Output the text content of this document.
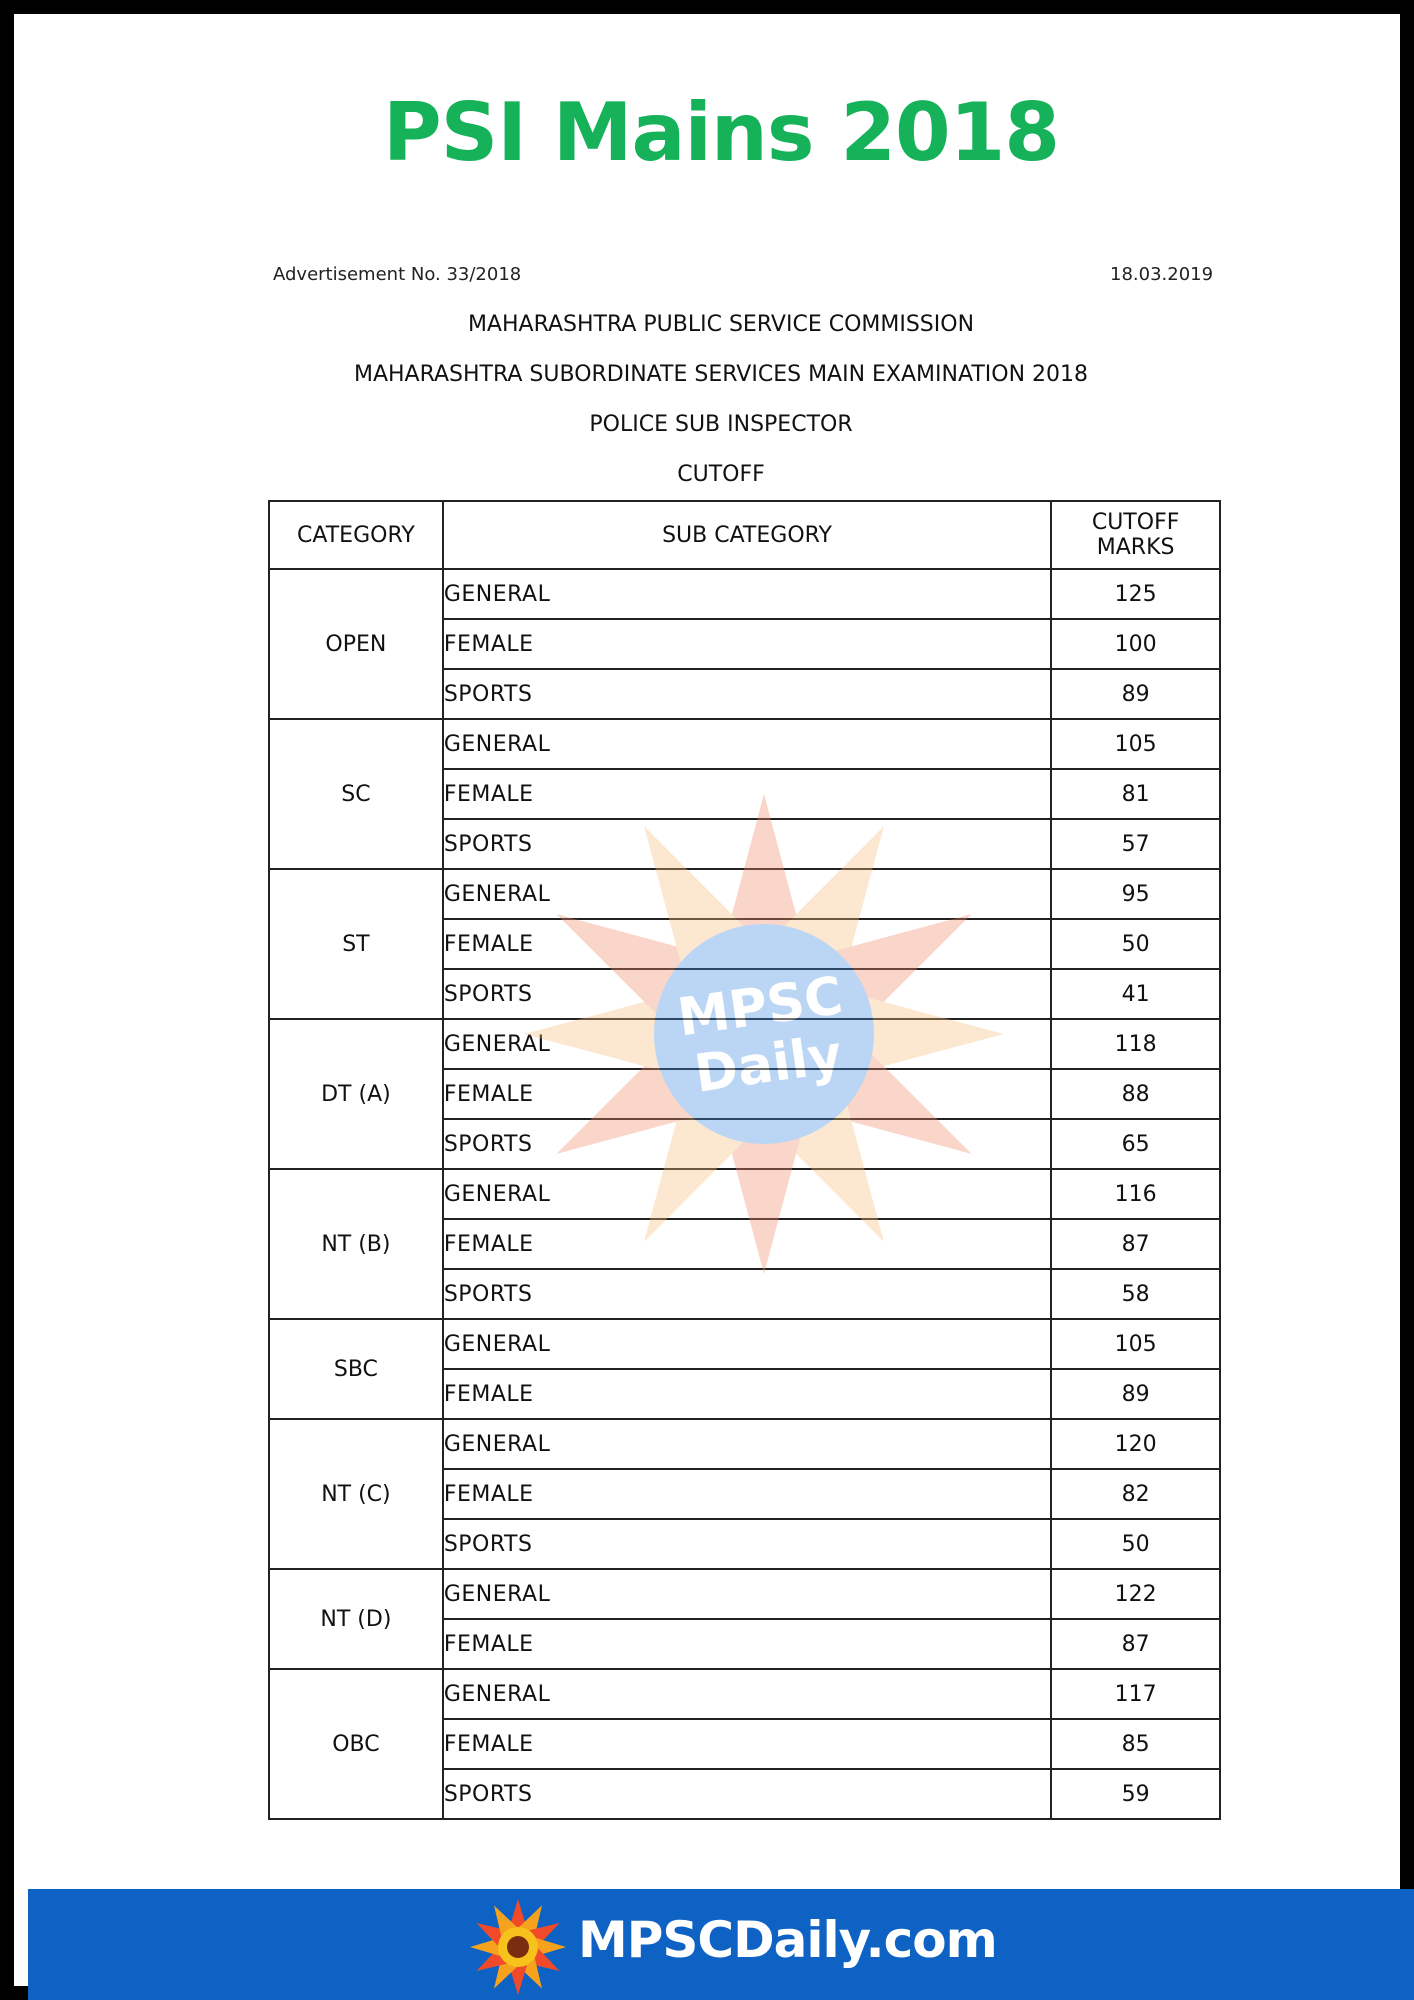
PSI Mains 2018
Advertisement No. 33/2018	18.03.2019
MAHARASHTRA PUBLIC SERVICE COMMISSION
MAHARASHTRA SUBORDINATE SERVICES MAIN EXAMINATION 2018
POLICE SUB INSPECTOR
CUTOFF
CATEGORY	SUB CATEGORY	CUTOFF MARKS
OPEN	GENERAL	125
	FEMALE	100
	SPORTS	89
SC	GENERAL	105
	FEMALE	81
	SPORTS	57
ST	GENERAL	95
	FEMALE	50
	SPORTS	41
DT (A)	GENERAL	118
	FEMALE	88
	SPORTS	65
NT (B)	GENERAL	116
	FEMALE	87
	SPORTS	58
SBC	GENERAL	105
	FEMALE	89
NT (C)	GENERAL	120
	FEMALE	82
	SPORTS	50
NT (D)	GENERAL	122
	FEMALE	87
OBC	GENERAL	117
	FEMALE	85
	SPORTS	59
MPSC
Daily
MPSCDaily.com
